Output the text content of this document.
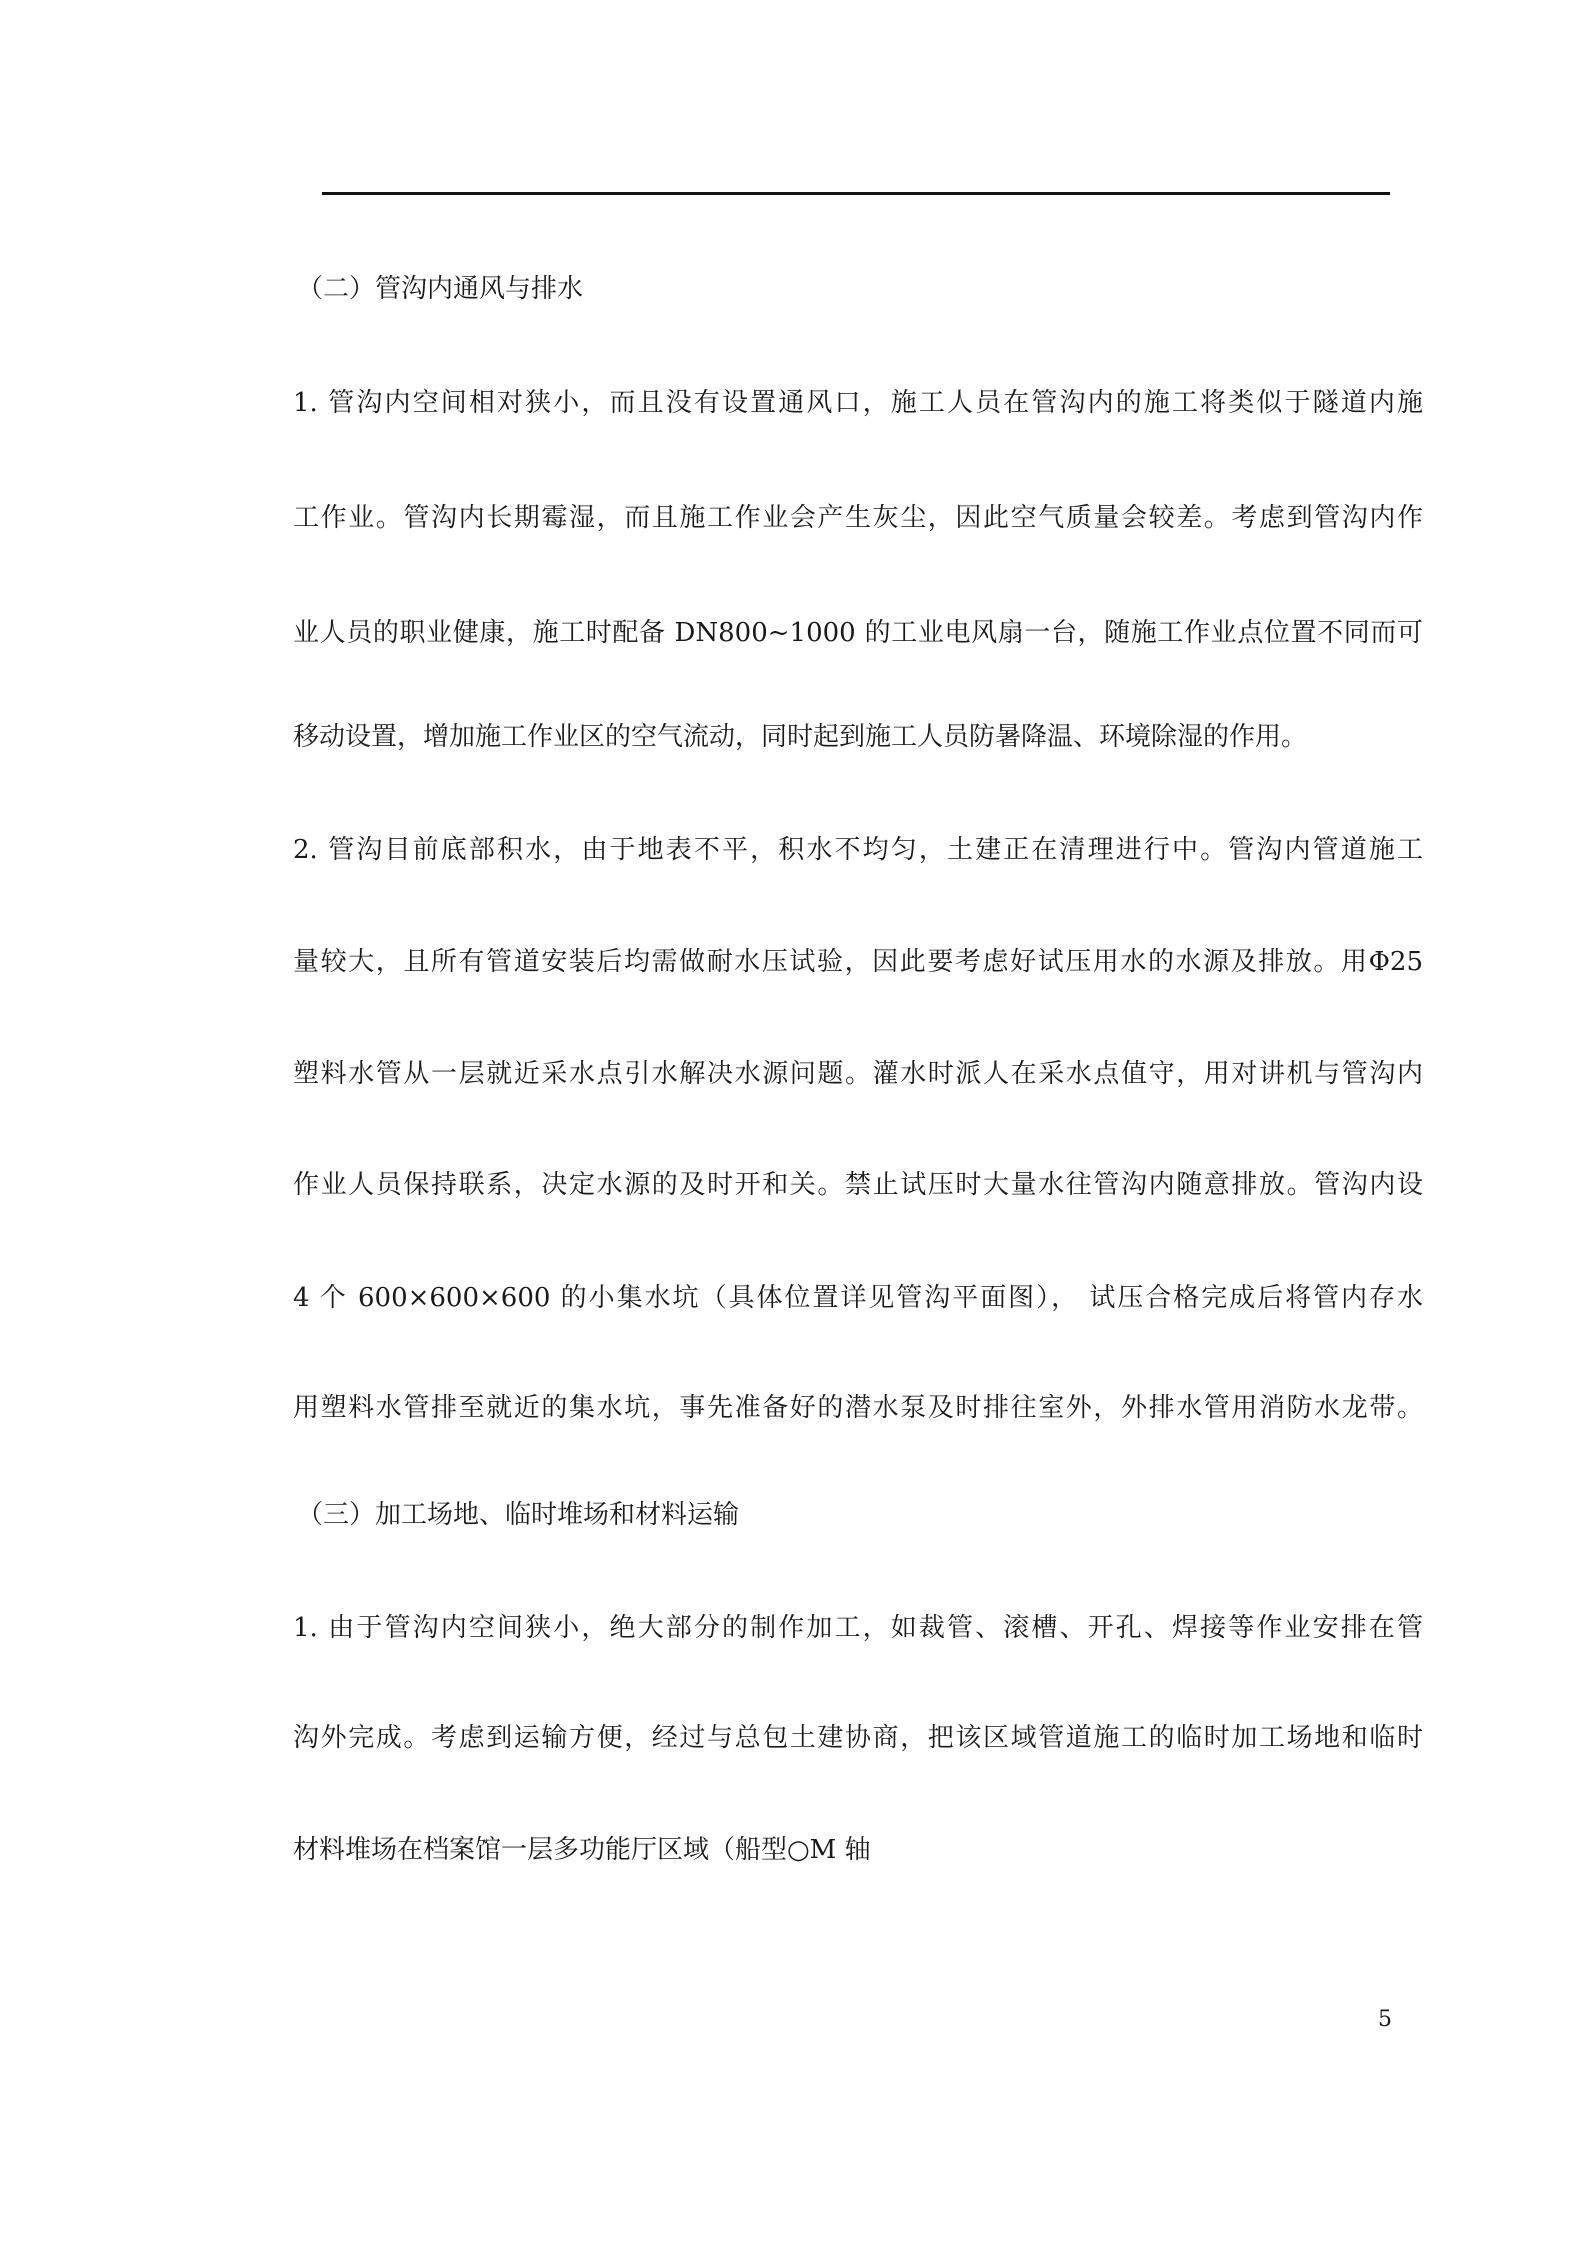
（二）管沟内通风与排水
1. 管沟内空间相对狭小，而且没有设置通风口，施工人员在管沟内的施工将类似于隧道内施
工作业。管沟内长期霉湿，而且施工作业会产生灰尘，因此空气质量会较差。考虑到管沟内作
业人员的职业健康，施工时配备 DN800~1000 的工业电风扇一台，随施工作业点位置不同而可
移动设置，增加施工作业区的空气流动，同时起到施工人员防暑降温、环境除湿的作用。
2. 管沟目前底部积水，由于地表不平，积水不均匀，土建正在清理进行中。管沟内管道施工
量较大，且所有管道安装后均需做耐水压试验，因此要考虑好试压用水的水源及排放。用Φ25
塑料水管从一层就近采水点引水解决水源问题。灌水时派人在采水点值守，用对讲机与管沟内
作业人员保持联系，决定水源的及时开和关。禁止试压时大量水往管沟内随意排放。管沟内设
4 个 600×600×600 的小集水坑（具体位置详见管沟平面图）， 试压合格完成后将管内存水
用塑料水管排至就近的集水坑，事先准备好的潜水泵及时排往室外，外排水管用消防水龙带。
（三）加工场地、临时堆场和材料运输
1. 由于管沟内空间狭小，绝大部分的制作加工，如裁管、滚槽、开孔、焊接等作业安排在管
沟外完成。考虑到运输方便，经过与总包土建协商，把该区域管道施工的临时加工场地和临时
材料堆场在档案馆一层多功能厅区域（船型○M 轴
5
